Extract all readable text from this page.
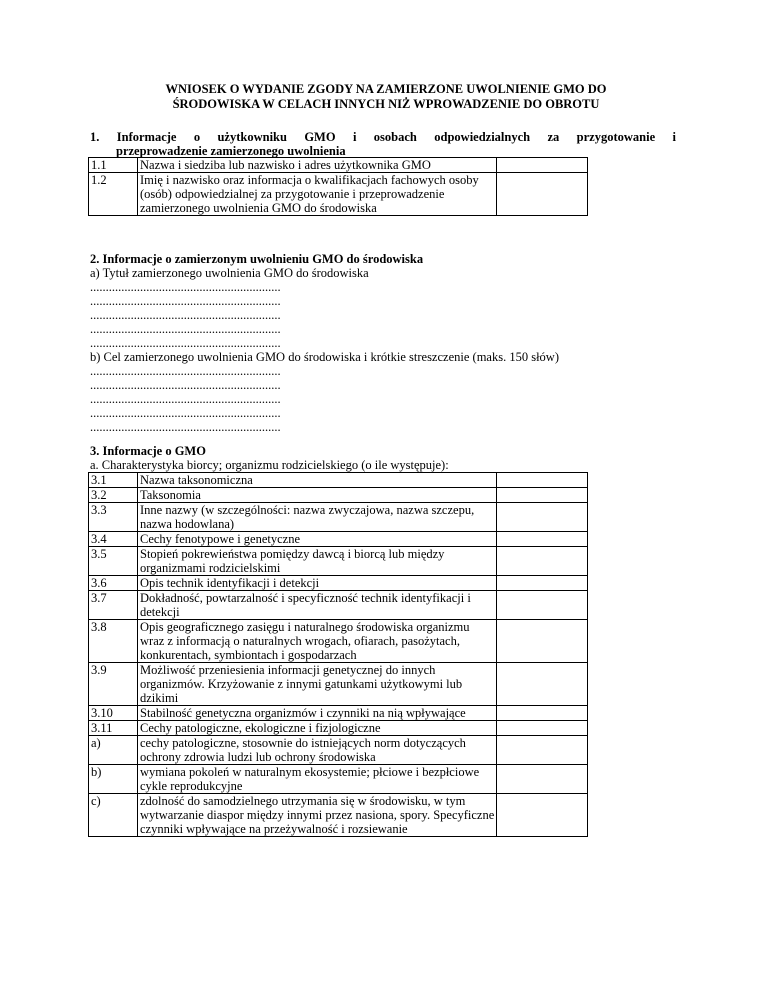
WNIOSEK O WYDANIE ZGODY NA ZAMIERZONE UWOLNIENIE GMO DO
ŚRODOWISKA W CELACH INNYCH NIŻ WPROWADZENIE DO OBROTU
1. Informacje o użytkowniku GMO i osobach odpowiedzialnych za przygotowanie i
przeprowadzenie zamierzonego uwolnienia
1.1	Nazwa i siedziba lub nazwisko i adres użytkownika GMO	
1.2	Imię i nazwisko oraz informacja o kwalifikacjach fachowych osoby (osób) odpowiedzialnej za przygotowanie i przeprowadzenie zamierzonego uwolnienia GMO do środowiska	
2. Informacje o zamierzonym uwolnieniu GMO do środowiska
a) Tytuł zamierzonego uwolnienia GMO do środowiska
.............................................................
.............................................................
.............................................................
.............................................................
.............................................................
b) Cel zamierzonego uwolnienia GMO do środowiska i krótkie streszczenie (maks. 150 słów)
.............................................................
.............................................................
.............................................................
.............................................................
.............................................................
3. Informacje o GMO
a. Charakterystyka biorcy; organizmu rodzicielskiego (o ile występuje):
3.1	Nazwa taksonomiczna	
3.2	Taksonomia	
3.3	Inne nazwy (w szczególności: nazwa zwyczajowa, nazwa szczepu, nazwa hodowlana)	
3.4	Cechy fenotypowe i genetyczne	
3.5	Stopień pokrewieństwa pomiędzy dawcą i biorcą lub między organizmami rodzicielskimi	
3.6	Opis technik identyfikacji i detekcji	
3.7	Dokładność, powtarzalność i specyficzność technik identyfikacji i detekcji	
3.8	Opis geograficznego zasięgu i naturalnego środowiska organizmu wraz z informacją o naturalnych wrogach, ofiarach, pasożytach, konkurentach, symbiontach i gospodarzach	
3.9	Możliwość przeniesienia informacji genetycznej do innych organizmów. Krzyżowanie z innymi gatunkami użytkowymi lub dzikimi	
3.10	Stabilność genetyczna organizmów i czynniki na nią wpływające	
3.11	Cechy patologiczne, ekologiczne i fizjologiczne	
a)	cechy patologiczne, stosownie do istniejących norm dotyczących ochrony zdrowia ludzi lub ochrony środowiska	
b)	wymiana pokoleń w naturalnym ekosystemie; płciowe i bezpłciowe cykle reprodukcyjne	
c)	zdolność do samodzielnego utrzymania się w środowisku, w tym wytwarzanie diaspor między innymi przez nasiona, spory. Specyficzne czynniki wpływające na przeżywalność i rozsiewanie	
